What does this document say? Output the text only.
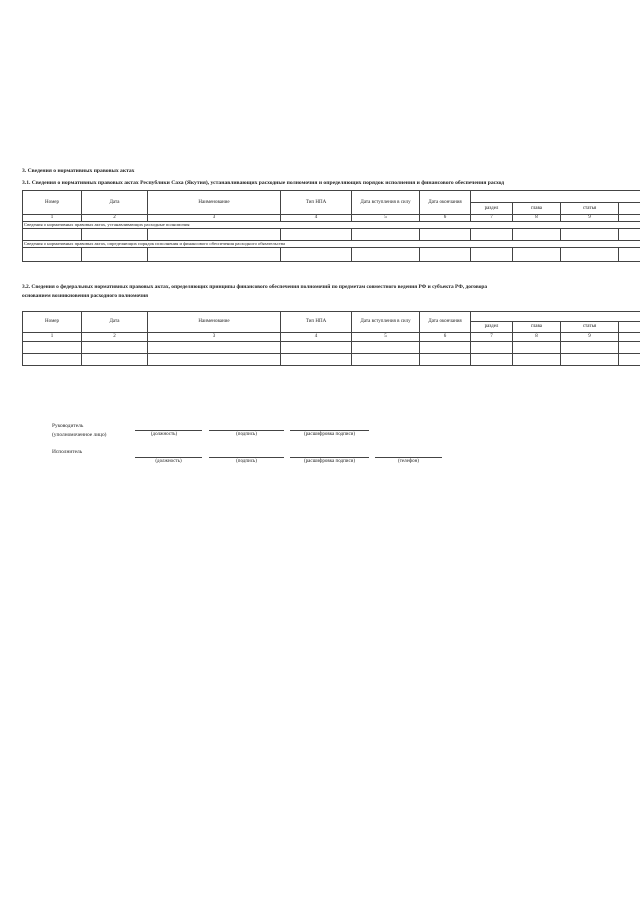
3. Сведения о нормативных правовых актах
3.1. Сведения о нормативных правовых актах Республики Саха (Якутия), устанавливающих расходные полномочия и определяющих порядок исполнения и финансового обеспечения расход
Номер	Дата	Наименование	Тип НПА	Дата вступления в силу	Дата окончания				
						раздел	глава	статья	
1	2	3	4	5	6	7	8	9	
Сведения о нормативных правовых актах, устанавливающих расходные полномочия									

Сведения о нормативных правовых актах, определяющих порядок исполнения и финансового обеспечения расходного обязательства									

3.2. Сведения о федеральных нормативных правовых актах, определяющих принципы финансового обеспечения полномочий по предметам совместного ведения РФ и субъекта РФ, договора
основанием возникновения расходного полномочия
Номер	Дата	Наименование	Тип НПА	Дата вступления в силу	Дата окончания				
						раздел	глава	статья	
1	2	3	4	5	6	7	8	9	

Руководитель
(уполномоченное лицо)	(должность)	(подпись)	(расшифровка подписи)
Исполнитель
(должность)	(подпись)	(расшифровка подписи)	(телефон)
